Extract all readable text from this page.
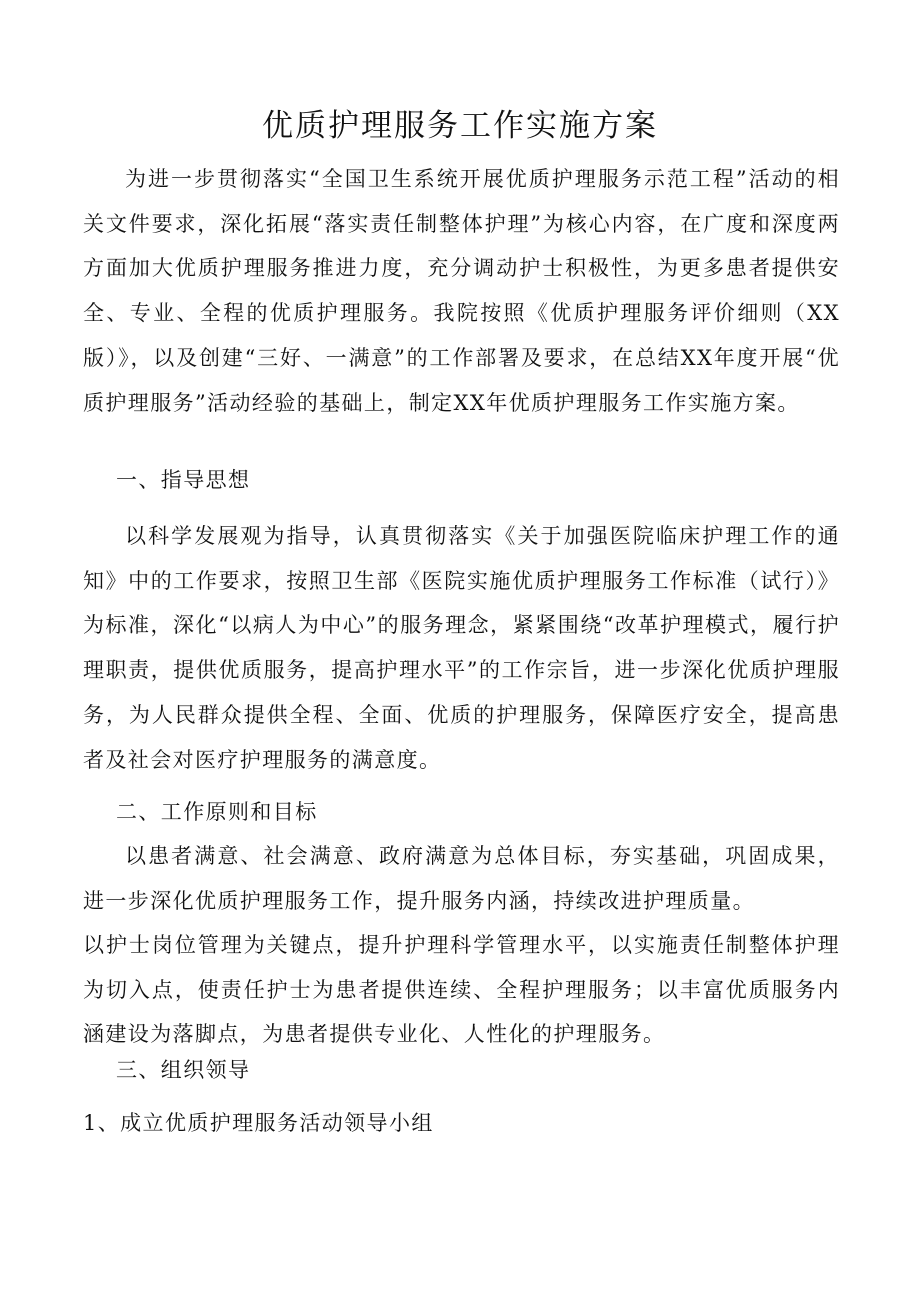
优质护理服务工作实施方案

为进一步贯彻落实“全国卫生系统开展优质护理服务示范工程”活动的相关文件要求，深化拓展“落实责任制整体护理”为核心内容，在广度和深度两方面加大优质护理服务推进力度，充分调动护士积极性，为更多患者提供安全、专业、全程的优质护理服务。我院按照《优质护理服务评价细则（XX版）》，以及创建“三好、一满意”的工作部署及要求，在总结XX年度开展“优质护理服务”活动经验的基础上，制定XX年优质护理服务工作实施方案。

一、指导思想

以科学发展观为指导，认真贯彻落实《关于加强医院临床护理工作的通知》中的工作要求，按照卫生部《医院实施优质护理服务工作标准（试行）》为标准，深化“以病人为中心”的服务理念，紧紧围绕“改革护理模式，履行护理职责，提供优质服务，提高护理水平”的工作宗旨，进一步深化优质护理服务，为人民群众提供全程、全面、优质的护理服务，保障医疗安全，提高患者及社会对医疗护理服务的满意度。

二、工作原则和目标

以患者满意、社会满意、政府满意为总体目标，夯实基础，巩固成果，进一步深化优质护理服务工作，提升服务内涵，持续改进护理质量。

以护士岗位管理为关键点，提升护理科学管理水平，以实施责任制整体护理为切入点，使责任护士为患者提供连续、全程护理服务；以丰富优质服务内涵建设为落脚点，为患者提供专业化、人性化的护理服务。

三、组织领导

1、成立优质护理服务活动领导小组
